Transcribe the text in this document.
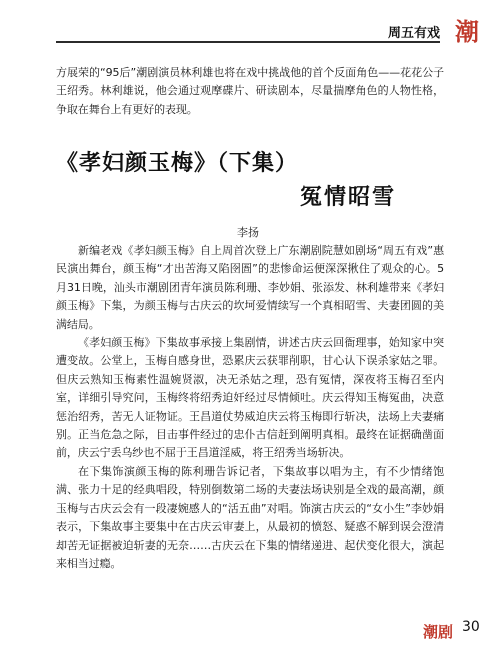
周五有戏 潮
方展荣的“95后”潮剧演员林利雄也将在戏中挑战他的首个反面角色——花花公子王绍秀。林利雄说，他会通过观摩碟片、研读剧本，尽量揣摩角色的人物性格，争取在舞台上有更好的表现。
《孝妇颜玉梅》（下集）
冤情昭雪
李扬

新编老戏《孝妇颜玉梅》自上周首次登上广东潮剧院慧如剧场“周五有戏”惠民演出舞台，颜玉梅“才出苦海又陷囹圄”的悲惨命运便深深揪住了观众的心。5月31日晚，汕头市潮剧团青年演员陈利珊、李妙娟、张添发、林利雄带来《孝妇颜玉梅》下集，为颜玉梅与古庆云的坎坷爱情续写一个真相昭雪、夫妻团圆的美满结局。

《孝妇颜玉梅》下集故事承接上集剧情，讲述古庆云回衙理事，始知家中突遭变故。公堂上，玉梅自感身世，恐累庆云获罪削职，甘心认下误杀家姑之罪。但庆云熟知玉梅素性温婉贤淑，决无杀姑之理，恐有冤情，深夜将玉梅召至内室，详细引导究问，玉梅终将绍秀迫奸经过尽情倾吐。庆云得知玉梅冤曲，决意惩治绍秀，苦无人证物证。王昌道仗势威迫庆云将玉梅即行斩决，法场上夫妻痛别。正当危急之际，目击事件经过的忠仆古信赶到阐明真相。最终在证据确凿面前，庆云宁丢乌纱也不屈于王昌道淫威，将王绍秀当场斩决。

在下集饰演颜玉梅的陈利珊告诉记者，下集故事以唱为主，有不少情绪饱满、张力十足的经典唱段，特别倒数第二场的夫妻法场诀别是全戏的最高潮，颜玉梅与古庆云会有一段凄婉感人的“活五曲”对唱。饰演古庆云的“女小生”李妙娟表示，下集故事主要集中在古庆云审妻上，从最初的愤怒、疑惑不解到误会澄清却苦无证据被迫斩妻的无奈……古庆云在下集的情绪递进、起伏变化很大，演起来相当过瘾。

潮剧 30
